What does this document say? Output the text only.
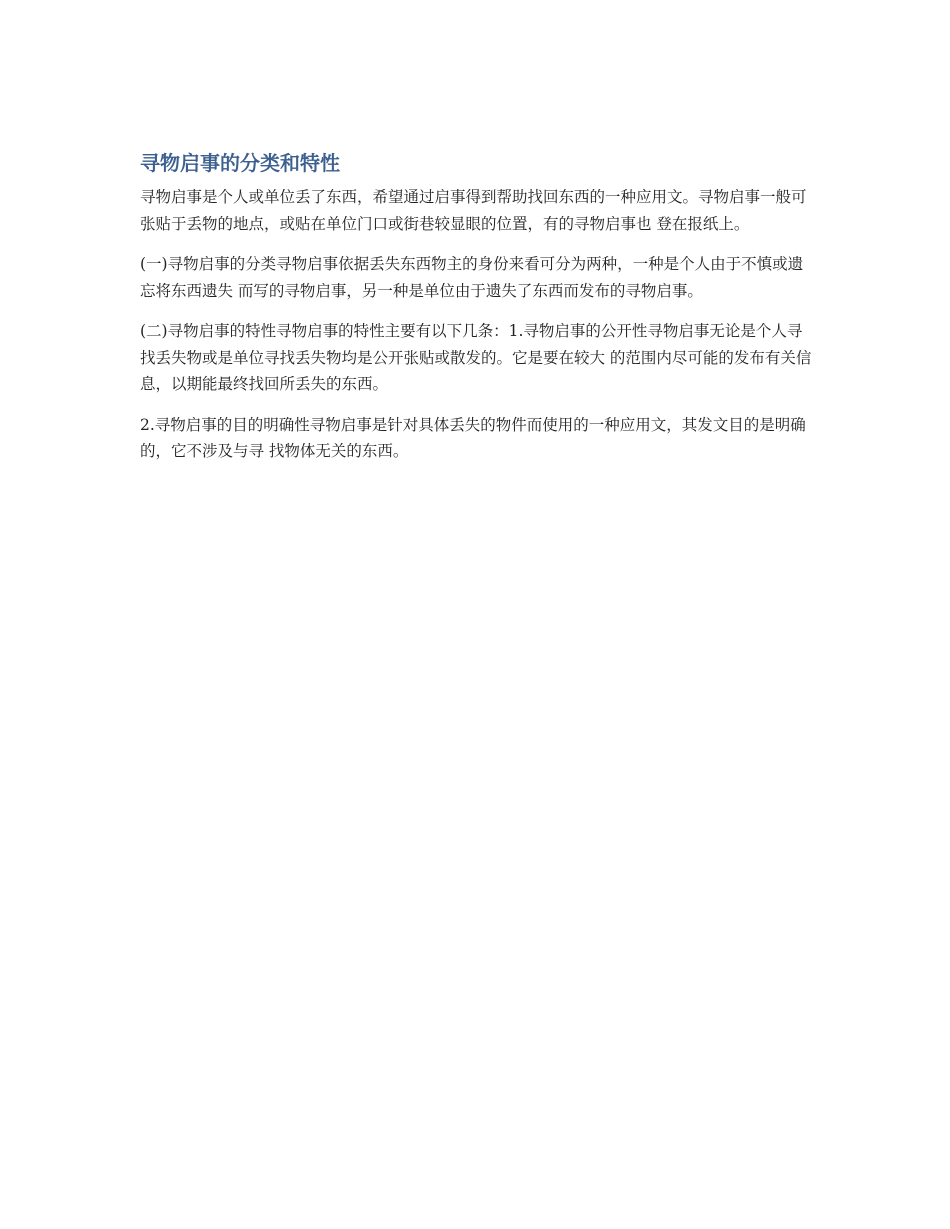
寻物启事的分类和特性

寻物启事是个人或单位丢了东西，希望通过启事得到帮助找回东西的一种应用文。寻物启事一般可张贴于丢物的地点，或贴在单位门口或街巷较显眼的位置，有的寻物启事也 登在报纸上。

(一)寻物启事的分类寻物启事依据丢失东西物主的身份来看可分为两种，一种是个人由于不慎或遗忘将东西遗失 而写的寻物启事，另一种是单位由于遗失了东西而发布的寻物启事。

(二)寻物启事的特性寻物启事的特性主要有以下几条：1.寻物启事的公开性寻物启事无论是个人寻找丢失物或是单位寻找丢失物均是公开张贴或散发的。它是要在较大 的范围内尽可能的发布有关信息，以期能最终找回所丢失的东西。

2.寻物启事的目的明确性寻物启事是针对具体丢失的物件而使用的一种应用文，其发文目的是明确的，它不涉及与寻 找物体无关的东西。
